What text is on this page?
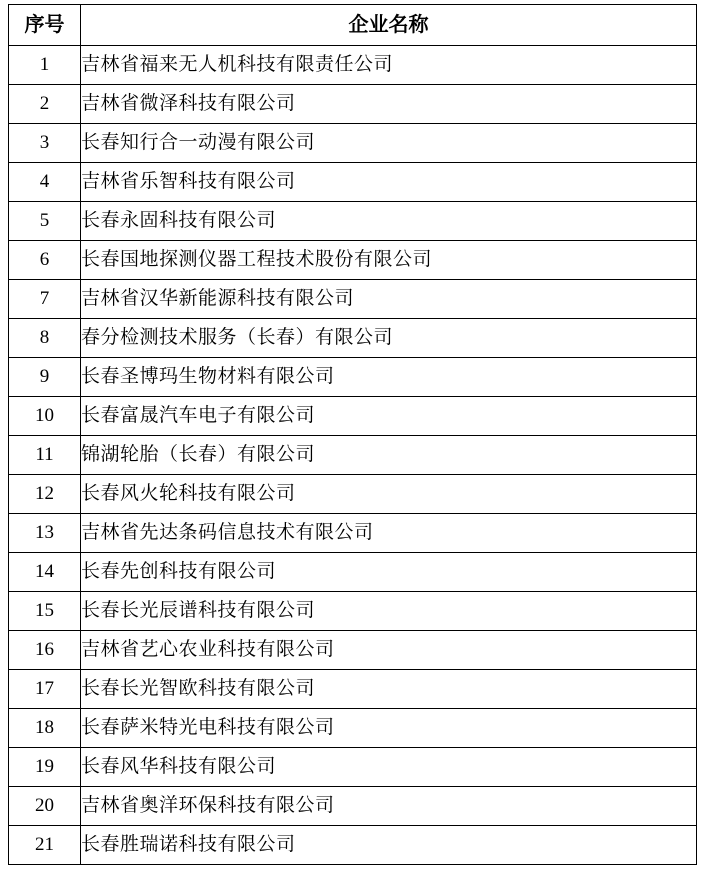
序号	企业名称
1	吉林省福来无人机科技有限责任公司
2	吉林省微泽科技有限公司
3	长春知行合一动漫有限公司
4	吉林省乐智科技有限公司
5	长春永固科技有限公司
6	长春国地探测仪器工程技术股份有限公司
7	吉林省汉华新能源科技有限公司
8	春分检测技术服务（长春）有限公司
9	长春圣博玛生物材料有限公司
10	长春富晟汽车电子有限公司
11	锦湖轮胎（长春）有限公司
12	长春风火轮科技有限公司
13	吉林省先达条码信息技术有限公司
14	长春先创科技有限公司
15	长春长光辰谱科技有限公司
16	吉林省艺心农业科技有限公司
17	长春长光智欧科技有限公司
18	长春萨米特光电科技有限公司
19	长春风华科技有限公司
20	吉林省奥洋环保科技有限公司
21	长春胜瑞诺科技有限公司
